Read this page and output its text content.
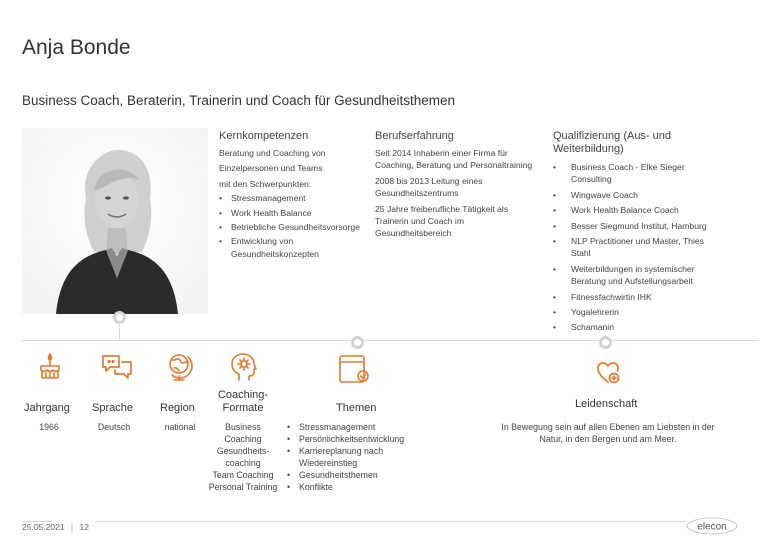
Anja Bonde
Business Coach, Beraterin, Trainerin und Coach für Gesundheitsthemen
Kernkompetenzen
Beratung und Coaching von
Einzelpersonen und Teams
mit den Schwerpunkten:
• Stressmanagement
• Work Health Balance
• Betriebliche Gesundheitsvorsorge
• Entwicklung von Gesundheitskonzepten
Berufserfahrung
Seit 2014 Inhaberin einer Firma für Coaching, Beratung und Personaltraining
2008 bis 2013 Leitung eines Gesundheitszentrums
25 Jahre freiberufliche Tätigkeit als Trainerin und Coach im Gesundheitsbereich
Qualifizierung (Aus- und Weiterbildung)
• Business Coach - Elke Sieger Consulting
• Wingwave Coach
• Work Health Balance Coach
• Besser Siegmund Institut, Hamburg
• NLP Practitioner und Master, Thies Stahl
• Weiterbildungen in systemischer Beratung und Aufstellungsarbeit
• Fitnessfachwirtin IHK
• Yogalehrerin
• Schamanin
Jahrgang
1966
Sprache
Deutsch
Region
national
Coaching-Formate
Business Coaching
Gesundheits-coaching
Team Coaching
Personal Training
Themen
• Stressmanagement
• Persönlichkeitsentwicklung
• Karriereplanung nach Wiedereinstieg
• Gesundheitsthemen
• Konflikte
Leidenschaft
In Bewegung sein auf allen Ebenen am Liebsten in der Natur, in den Bergen und am Meer.
25.05.2021 | 12	elecon
